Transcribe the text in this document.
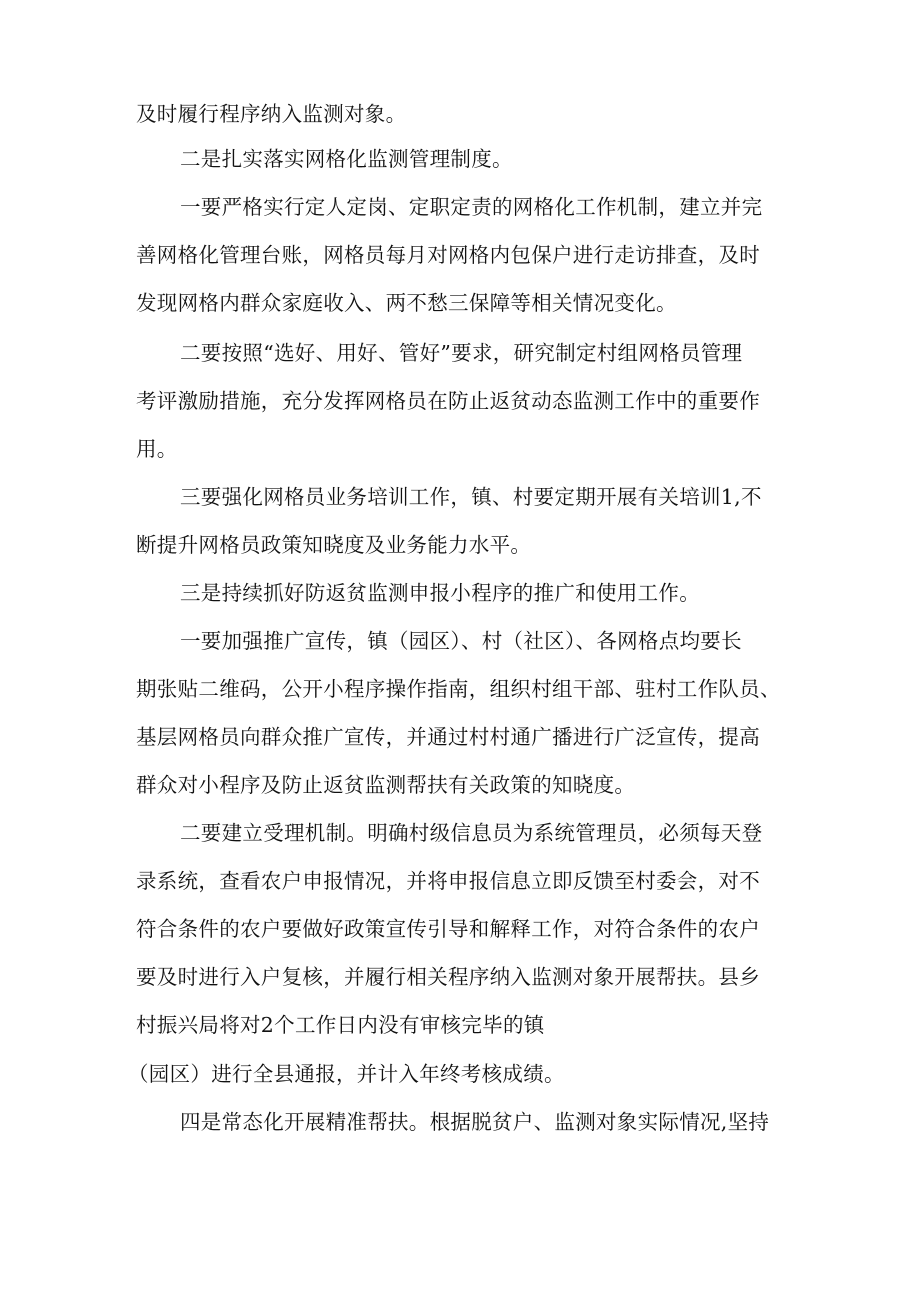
及时履行程序纳入监测对象。
二是扎实落实网格化监测管理制度。
一要严格实行定人定岗、定职定责的网格化工作机制，建立并完
善网格化管理台账，网格员每月对网格内包保户进行走访排查，及时
发现网格内群众家庭收入、两不愁三保障等相关情况变化。
二要按照“选好、用好、管好”要求，研究制定村组网格员管理
考评激励措施，充分发挥网格员在防止返贫动态监测工作中的重要作
用。
三要强化网格员业务培训工作，镇、村要定期开展有关培训1,不
断提升网格员政策知晓度及业务能力水平。
三是持续抓好防返贫监测申报小程序的推广和使用工作。
一要加强推广宣传，镇（园区）、村（社区）、各网格点均要长
期张贴二维码，公开小程序操作指南，组织村组干部、驻村工作队员、
基层网格员向群众推广宣传，并通过村村通广播进行广泛宣传，提高
群众对小程序及防止返贫监测帮扶有关政策的知晓度。
二要建立受理机制。明确村级信息员为系统管理员，必须每天登
录系统，查看农户申报情况，并将申报信息立即反馈至村委会，对不
符合条件的农户要做好政策宣传引导和解释工作，对符合条件的农户
要及时进行入户复核，并履行相关程序纳入监测对象开展帮扶。县乡
村振兴局将对2个工作日内没有审核完毕的镇
（园区）进行全县通报，并计入年终考核成绩。
四是常态化开展精准帮扶。根据脱贫户、监测对象实际情况,坚持
